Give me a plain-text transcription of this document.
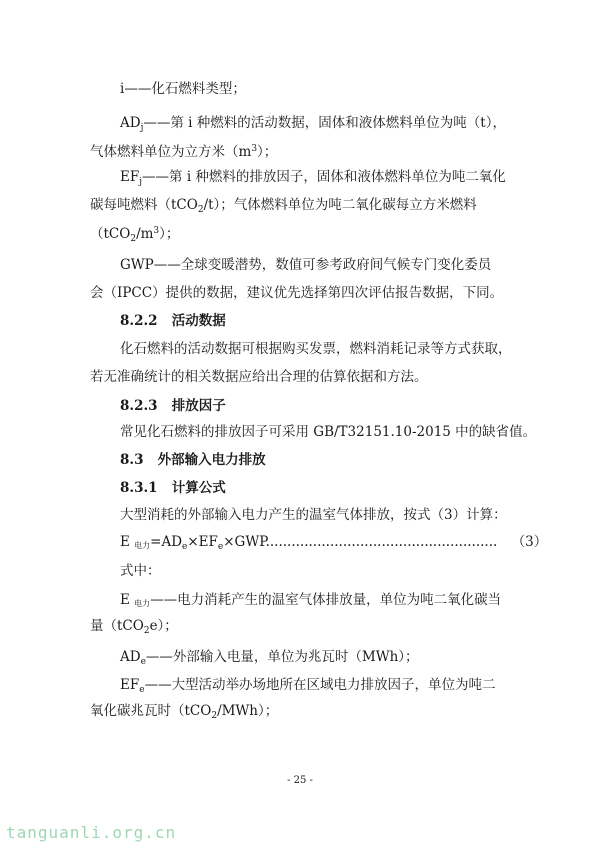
i——化石燃料类型；
$AD_j——$第 i 种燃料的活动数据，固体和液体燃料单位为吨（t），
气体燃料单位为立方米$(m^3)$；
$EF_j——$第 i 种燃料的排放因子，固体和液体燃料单位为吨二氧化
碳每吨燃料（tCO$_2$/t）；气体燃料单位为吨二氧化碳每立方米燃料
$(tCO_2/m^3)$；
GWP——全球变暖潜势，数值可参考政府间气候专门变化委员
会（IPCC）提供的数据，建议优先选择第四次评估报告数据，下同。
8.2.2 活动数据
化石燃料的活动数据可根据购买发票，燃料消耗记录等方式获取，
若无准确统计的相关数据应给出合理的估算依据和方法。
8.2.3 排放因子
常见化石燃料的排放因子可采用 GB/T32151.10-2015 中的缺省值。
8.3 外部输入电力排放
8.3.1 计算公式
大型消耗的外部输入电力产生的温室气体排放，按式（3）计算：
E 电力$=AD_e\times EF_e\times GWP$...................................................... （3）
式中：
E 电力——电力消耗产生的温室气体排放量，单位为吨二氧化碳当
量（tCO$_2$e）；
$AD_e——$外部输入电量，单位为兆瓦时（MWh）；
$EF_e——$大型活动举办场地所在区域电力排放因子，单位为吨二
氧化碳兆瓦时（tCO$_2$/MWh）；
- 25 -
tanguanli.org.cn
